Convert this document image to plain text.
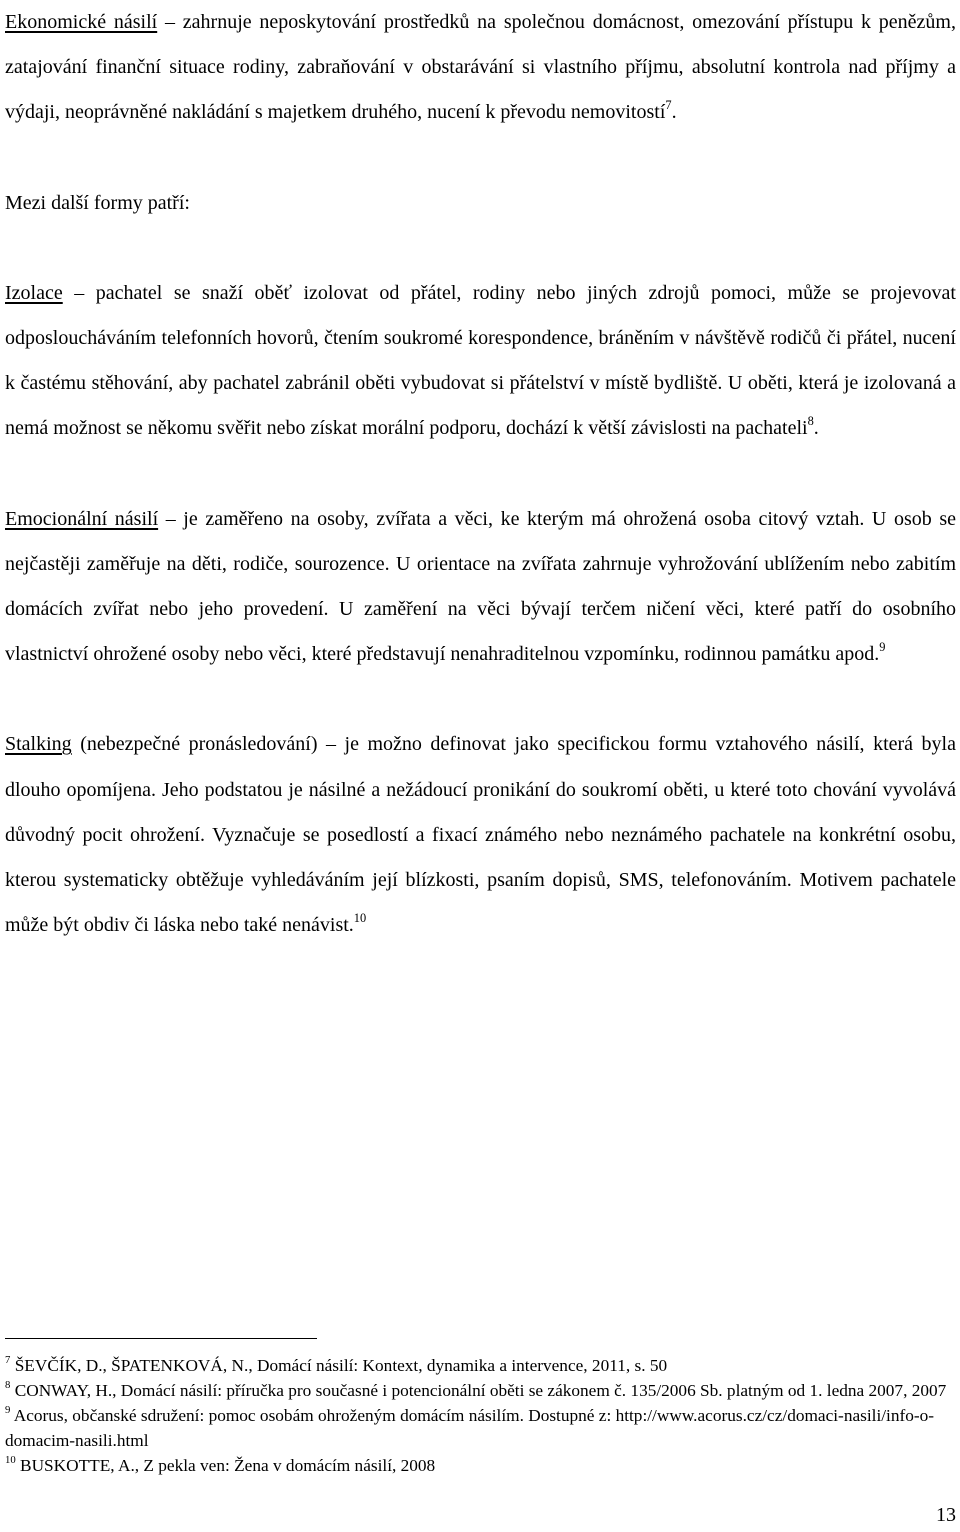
Ekonomické násilí – zahrnuje neposkytování prostředků na společnou domácnost, omezování přístupu k penězům, zatajování finanční situace rodiny, zabraňování v obstarávání si vlastního příjmu, absolutní kontrola nad příjmy a výdaji, neoprávněné nakládání s majetkem druhého, nucení k převodu nemovitostí$^7$.

Mezi další formy patří:

Izolace – pachatel se snaží oběť izolovat od přátel, rodiny nebo jiných zdrojů pomoci, může se projevovat odposloucháváním telefonních hovorů, čtením soukromé korespondence, bráněním v návštěvě rodičů či přátel, nucení k častému stěhování, aby pachatel zabránil oběti vybudovat si přátelství v místě bydliště. U oběti, která je izolovaná a nemá možnost se někomu svěřit nebo získat morální podporu, dochází k větší závislosti na pachateli$^8$.

Emocionální násilí – je zaměřeno na osoby, zvířata a věci, ke kterým má ohrožená osoba citový vztah. U osob se nejčastěji zaměřuje na děti, rodiče, sourozence. U orientace na zvířata zahrnuje vyhrožování ublížením nebo zabitím domácích zvířat nebo jeho provedení. U zaměření na věci bývají terčem ničení věci, které patří do osobního vlastnictví ohrožené osoby nebo věci, které představují nenahraditelnou vzpomínku, rodinnou památku apod.$^9$

Stalking (nebezpečné pronásledování) – je možno definovat jako specifickou formu vztahového násilí, která byla dlouho opomíjena. Jeho podstatou je násilné a nežádoucí pronikání do soukromí oběti, u které toto chování vyvolává důvodný pocit ohrožení. Vyznačuje se posedlostí a fixací známého nebo neznámého pachatele na konkrétní osobu, kterou systematicky obtěžuje vyhledáváním její blízkosti, psaním dopisů, SMS, telefonováním. Motivem pachatele může být obdiv či láska nebo také nenávist.$^{10}$

$^7$ ŠEVČÍK, D., ŠPATENKOVÁ, N., Domácí násilí: Kontext, dynamika a intervence, 2011, s. 50

$^8$ CONWAY, H., Domácí násilí: příručka pro současné i potencionální oběti se zákonem č. 135/2006 Sb. platným od 1. ledna 2007, 2007

$^9$ Acorus, občanské sdružení: pomoc osobám ohroženým domácím násilím. Dostupné z: http://www.acorus.cz/cz/domaci-nasili/info-o-domacim-nasili.html

$^{10}$ BUSKOTTE, A., Z pekla ven: Žena v domácím násilí, 2008

13
